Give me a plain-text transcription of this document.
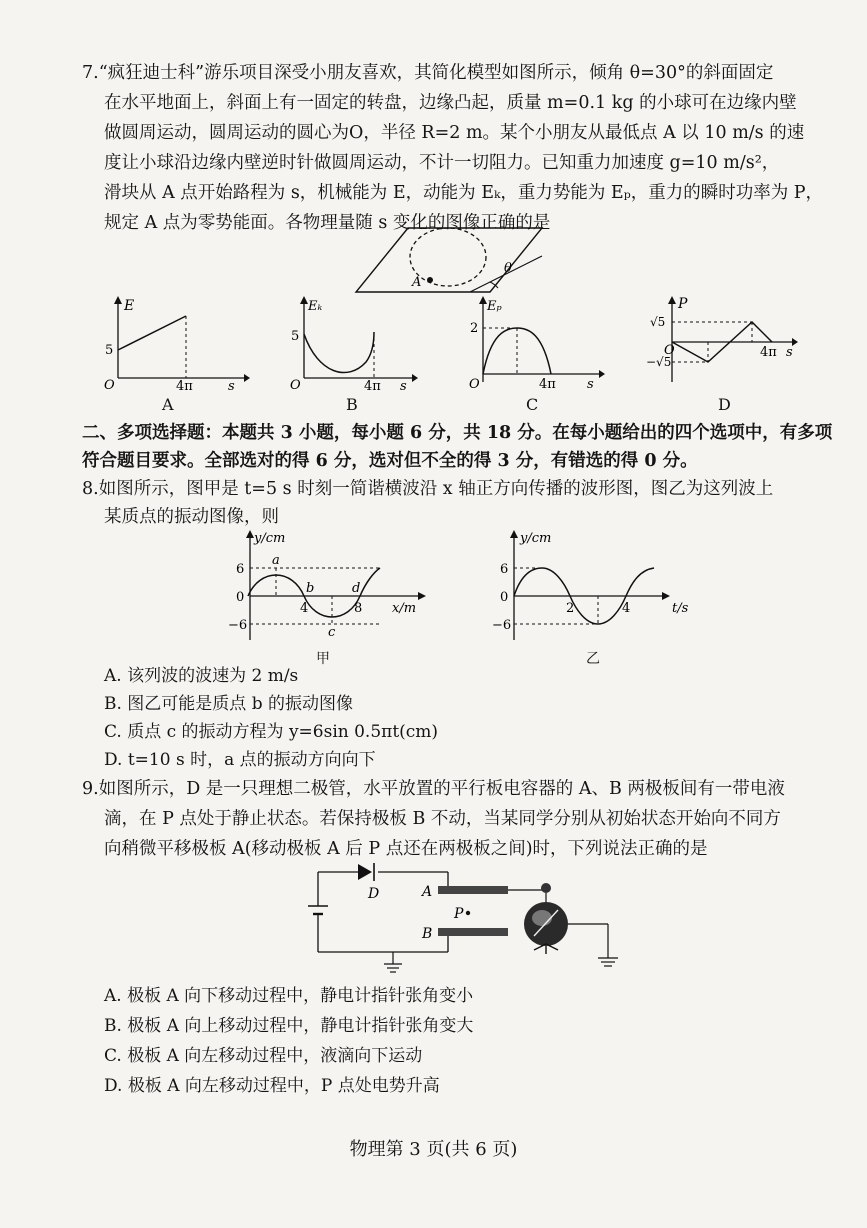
7.“疯狂迪士科”游乐项目深受小朋友喜欢，其简化模型如图所示，倾角 θ=30°的斜面固定
在水平地面上，斜面上有一固定的转盘，边缘凸起，质量 m=0.1 kg 的小球可在边缘内壁
做圆周运动，圆周运动的圆心为O，半径 R=2 m。某个小朋友从最低点 A 以 10 m/s 的速
度让小球沿边缘内壁逆时针做圆周运动，不计一切阻力。已知重力加速度 g=10 m/s²，
滑块从 A 点开始路程为 s，机械能为 E，动能为 Eₖ，重力势能为 Eₚ，重力的瞬时功率为 P，
规定 A 点为零势能面。各物理量随 s 变化的图像正确的是
A
θ
E
5
O	4π	s
A
Eₖ
5
O	4π s
B
Eₚ
2
O	4π s
C
P
√5
−√5
O	4π s
D
二、多项选择题：本题共 3 小题，每小题 6 分，共 18 分。在每小题给出的四个选项中，有多项
符合题目要求。全部选对的得 6 分，选对但不全的得 3 分，有错选的得 0 分。
8.如图所示，图甲是 t=5 s 时刻一简谐横波沿 x 轴正方向传播的波形图，图乙为这列波上
某质点的振动图像，则
y/cm
6
0
−6
4	8 x/m
a
b
c
d
甲
y/cm
6
0
−6
2	4	t/s
乙
A. 该列波的波速为 2 m/s
B. 图乙可能是质点 b 的振动图像
C. 质点 c 的振动方程为 y=6sin 0.5πt(cm)
D. t=10 s 时，a 点的振动方向向下
9.如图所示，D 是一只理想二极管，水平放置的平行板电容器的 A、B 两极板间有一带电液
滴，在 P 点处于静止状态。若保持极板 B 不动，当某同学分别从初始状态开始向不同方
向稍微平移极板 A(移动极板 A 后 P 点还在两极板之间)时，下列说法正确的是
D	A
P
B
A. 极板 A 向下移动过程中，静电计指针张角变小
B. 极板 A 向上移动过程中，静电计指针张角变大
C. 极板 A 向左移动过程中，液滴向下运动
D. 极板 A 向左移动过程中，P 点处电势升高
物理第 3 页(共 6 页)
